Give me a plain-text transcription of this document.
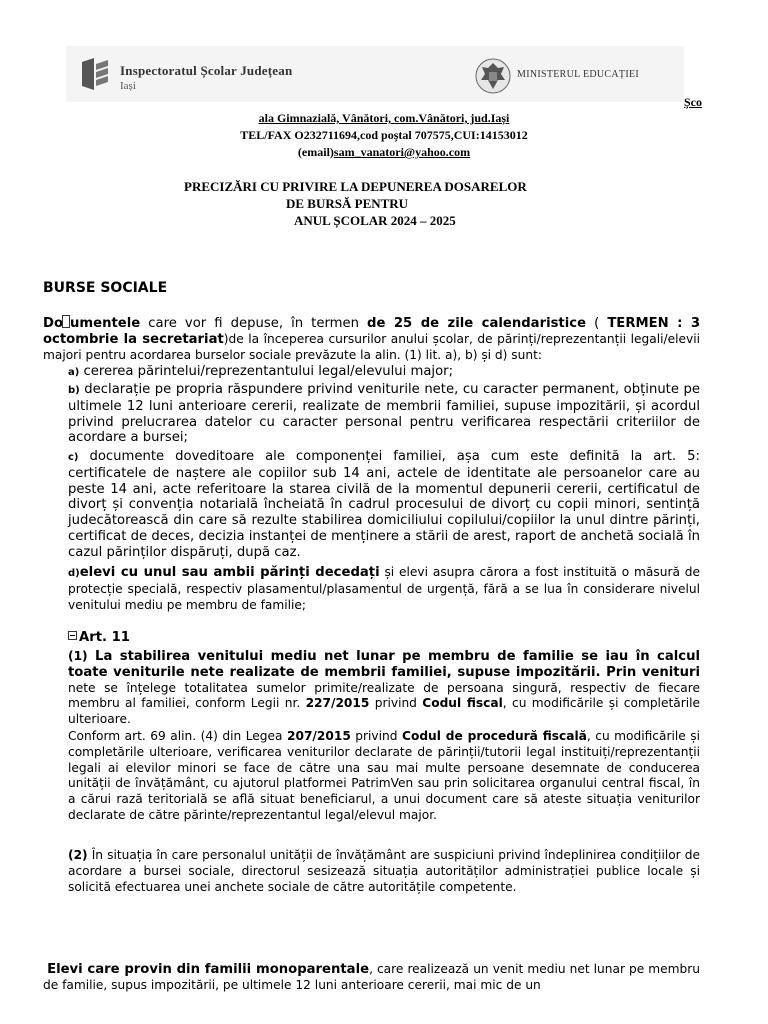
Inspectoratul Școlar Județean
Iași
MINISTERUL EDUCAȚIEI
Șco
ala Gimnazială, Vânători, com.Vânători, jud.Iași
TEL/FAX O232711694,cod poștal 707575,CUI:14153012
(email)sam_vanatori@yahoo.com
PRECIZĂRI CU PRIVIRE LA DEPUNEREA DOSARELOR
DE BURSĂ PENTRU
ANUL ȘCOLAR 2024 – 2025
BURSE SOCIALE
Do umentele care vor fi depuse, în termen de 25 de zile calendaristice ( TERMEN : 3 octombrie la secretariat)de la începerea cursurilor anului școlar, de părinți/reprezentanții legali/elevii majori pentru acordarea burselor sociale prevăzute la alin. (1) lit. a), b) și d) sunt:
a) cererea părintelui/reprezentantului legal/elevului major;
b) declarație pe propria răspundere privind veniturile nete, cu caracter permanent, obținute pe ultimele 12 luni anterioare cererii, realizate de membrii familiei, supuse impozitării, și acordul privind prelucrarea datelor cu caracter personal pentru verificarea respectării criteriilor de acordare a bursei;
c) documente doveditoare ale componenței familiei, așa cum este definită la art. 5: certificatele de naștere ale copiilor sub 14 ani, actele de identitate ale persoanelor care au peste 14 ani, acte referitoare la starea civilă de la momentul depunerii cererii, certificatul de divorț și convenția notarială încheiată în cadrul procesului de divorț cu copii minori, sentință judecătorească din care să rezulte stabilirea domiciliului copilului/copiilor la unul dintre părinți, certificat de deces, decizia instanței de menținere a stării de arest, raport de anchetă socială în cazul părinților dispăruți, după caz.
d)elevi cu unul sau ambii părinți decedați și elevi asupra cărora a fost instituită o măsură de protecție specială, respectiv plasamentul/plasamentul de urgență, fără a se lua în considerare nivelul venitului mediu pe membru de familie;
Art. 11
(1) La stabilirea venitului mediu net lunar pe membru de familie se iau în calcul toate veniturile nete realizate de membrii familiei, supuse impozitării. Prin venituri nete se înțelege totalitatea sumelor primite/realizate de persoana singură, respectiv de fiecare membru al familiei, conform Legii nr. 227/2015 privind Codul fiscal, cu modificările și completările ulterioare.
Conform art. 69 alin. (4) din Legea 207/2015 privind Codul de procedură fiscală, cu modificările și completările ulterioare, verificarea veniturilor declarate de părinții/tutorii legal instituiți/reprezentanții legali ai elevilor minori se face de către una sau mai multe persoane desemnate de conducerea unității de învățământ, cu ajutorul platformei PatrimVen sau prin solicitarea organului central fiscal, în a cărui rază teritorială se află situat beneficiarul, a unui document care să ateste situația veniturilor declarate de către părinte/reprezentantul legal/elevul major.
(2) În situația în care personalul unității de învățământ are suspiciuni privind îndeplinirea condițiilor de acordare a bursei sociale, directorul sesizează situația autorităților administrației publice locale și solicită efectuarea unei anchete sociale de către autoritățile competente.
Elevi care provin din familii monoparentale, care realizează un venit mediu net lunar pe membru de familie, supus impozitării, pe ultimele 12 luni anterioare cererii, mai mic de un
